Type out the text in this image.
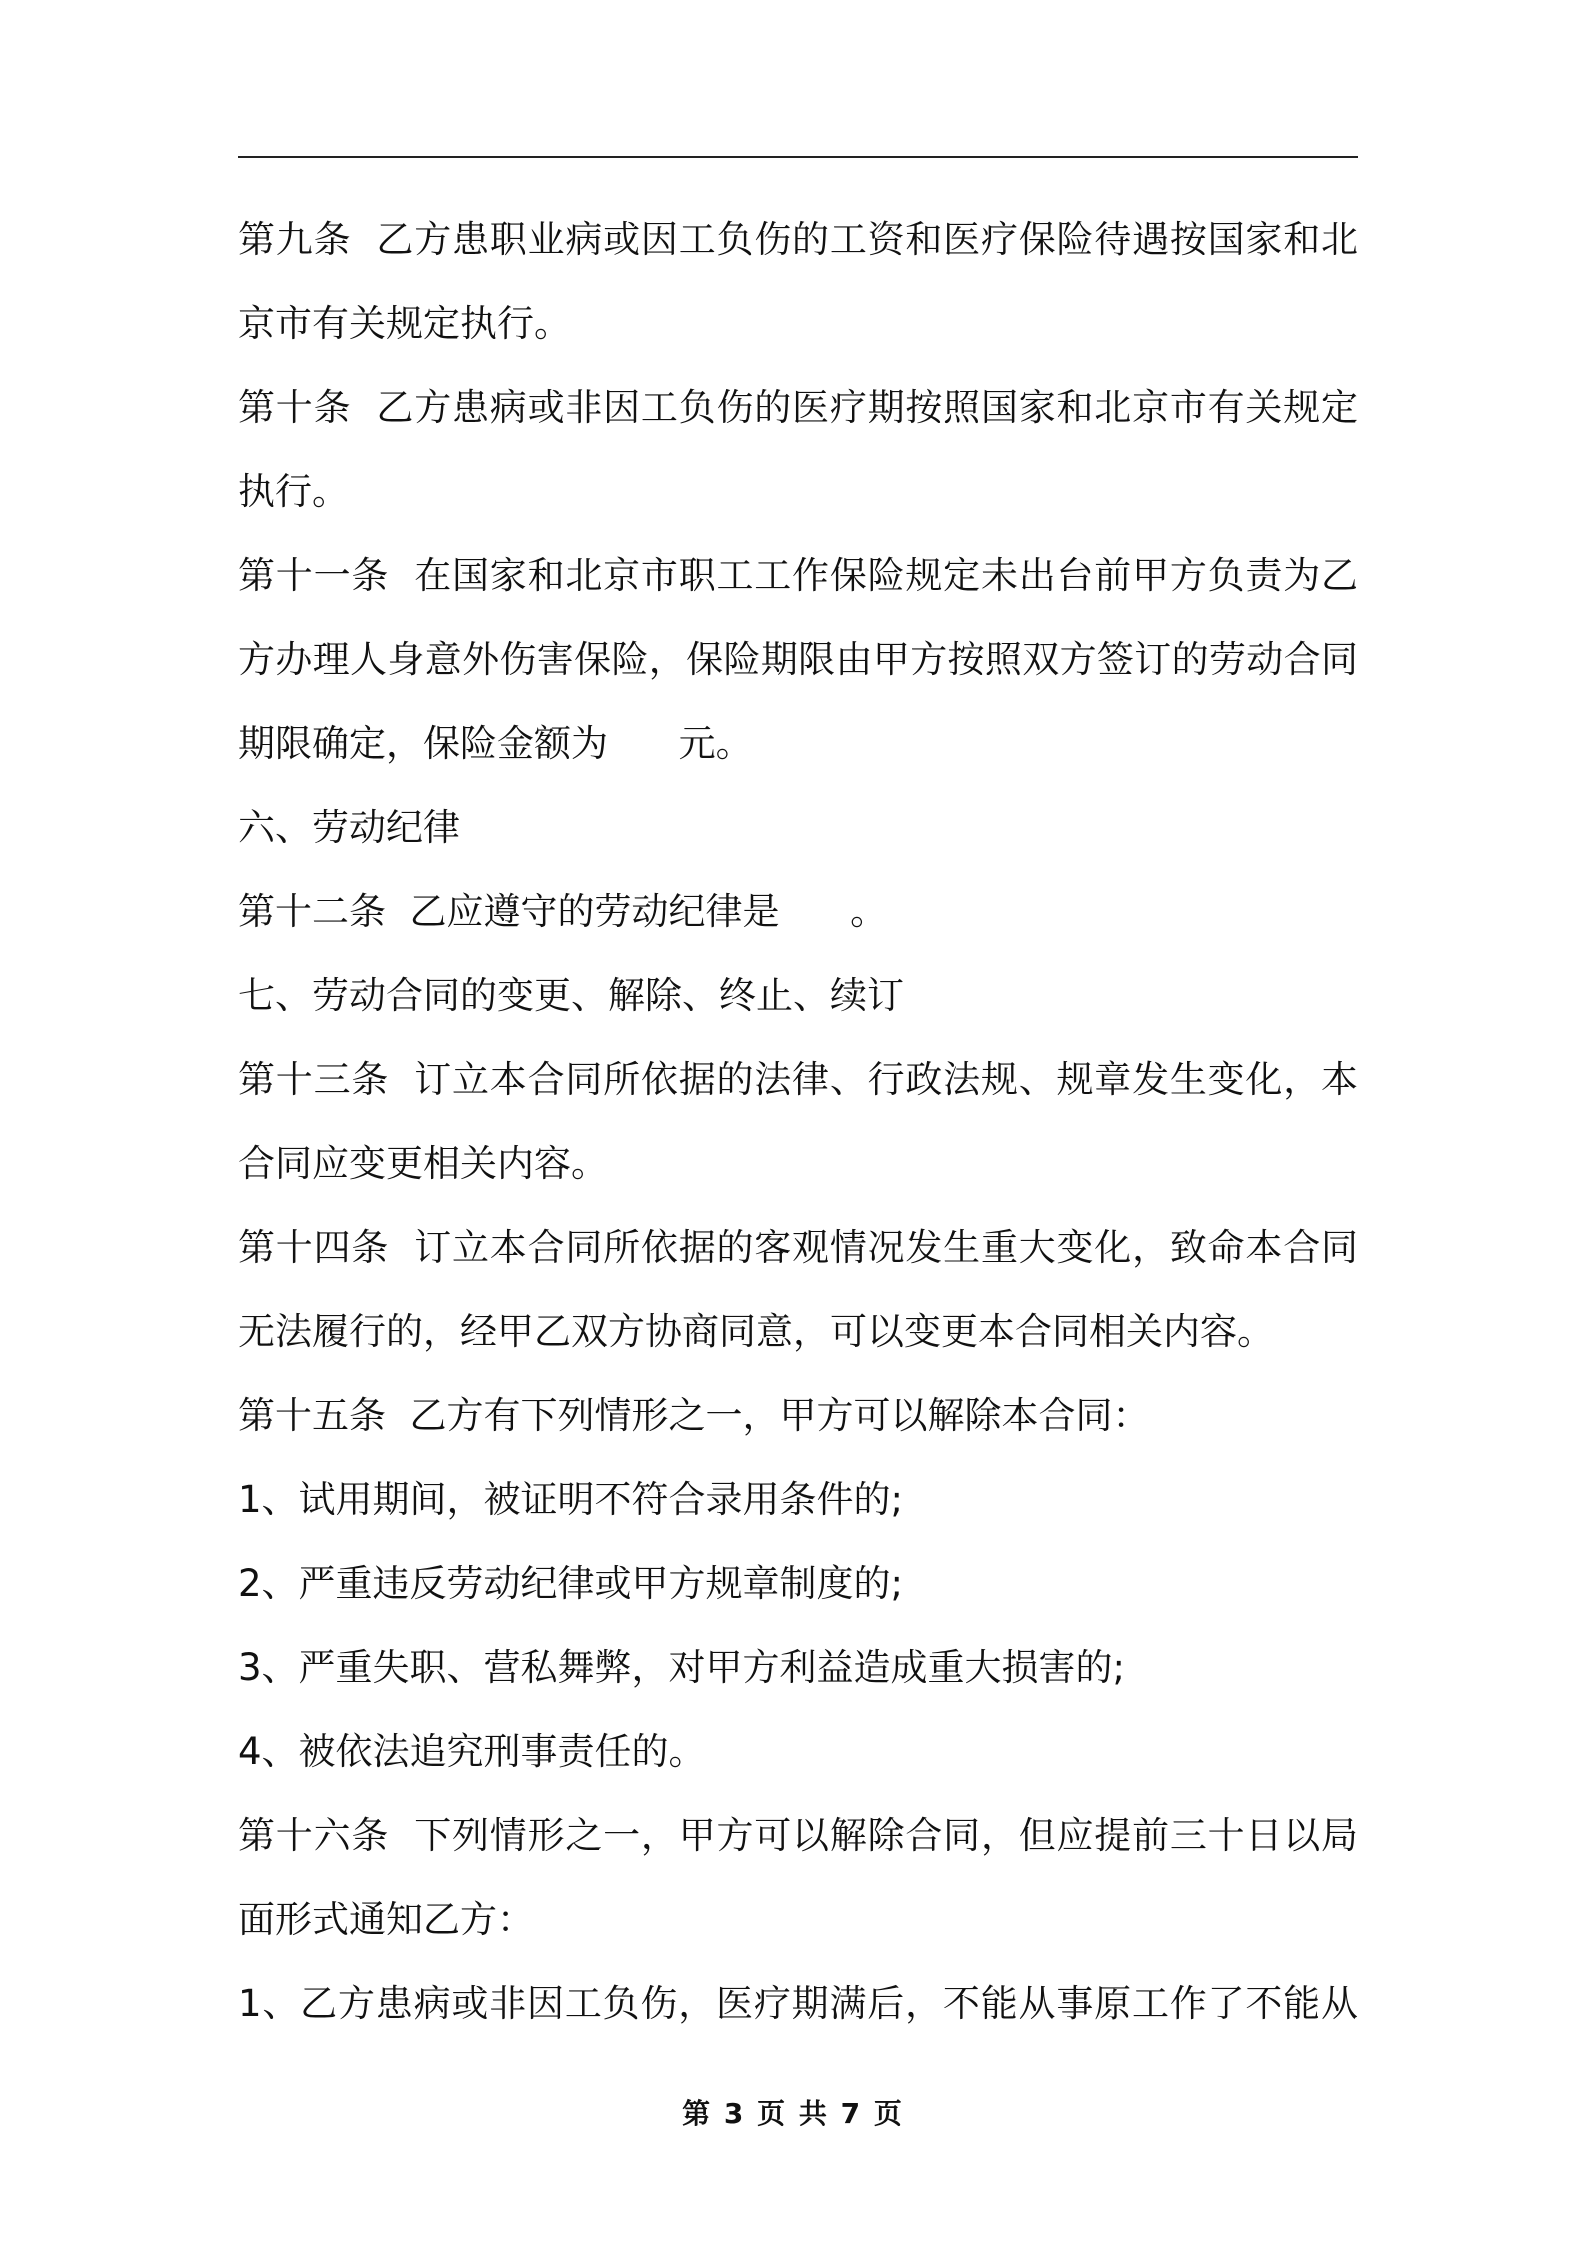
第九条  乙方患职业病或因工负伤的工资和医疗保险待遇按国家和北
京市有关规定执行。
第十条  乙方患病或非因工负伤的医疗期按照国家和北京市有关规定
执行。
第十一条  在国家和北京市职工工作保险规定未出台前甲方负责为乙
方办理人身意外伤害保险，保险期限由甲方按照双方签订的劳动合同
期限确定，保险金额为      元。
六、劳动纪律
第十二条  乙应遵守的劳动纪律是      。
七、劳动合同的变更、解除、终止、续订
第十三条  订立本合同所依据的法律、行政法规、规章发生变化，本
合同应变更相关内容。
第十四条  订立本合同所依据的客观情况发生重大变化，致命本合同
无法履行的，经甲乙双方协商同意，可以变更本合同相关内容。
第十五条  乙方有下列情形之一，甲方可以解除本合同：
1、试用期间，被证明不符合录用条件的;
2、严重违反劳动纪律或甲方规章制度的;
3、严重失职、营私舞弊，对甲方利益造成重大损害的;
4、被依法追究刑事责任的。
第十六条  下列情形之一，甲方可以解除合同，但应提前三十日以局
面形式通知乙方：
1、乙方患病或非因工负伤，医疗期满后，不能从事原工作了不能从
第 3 页 共 7 页
